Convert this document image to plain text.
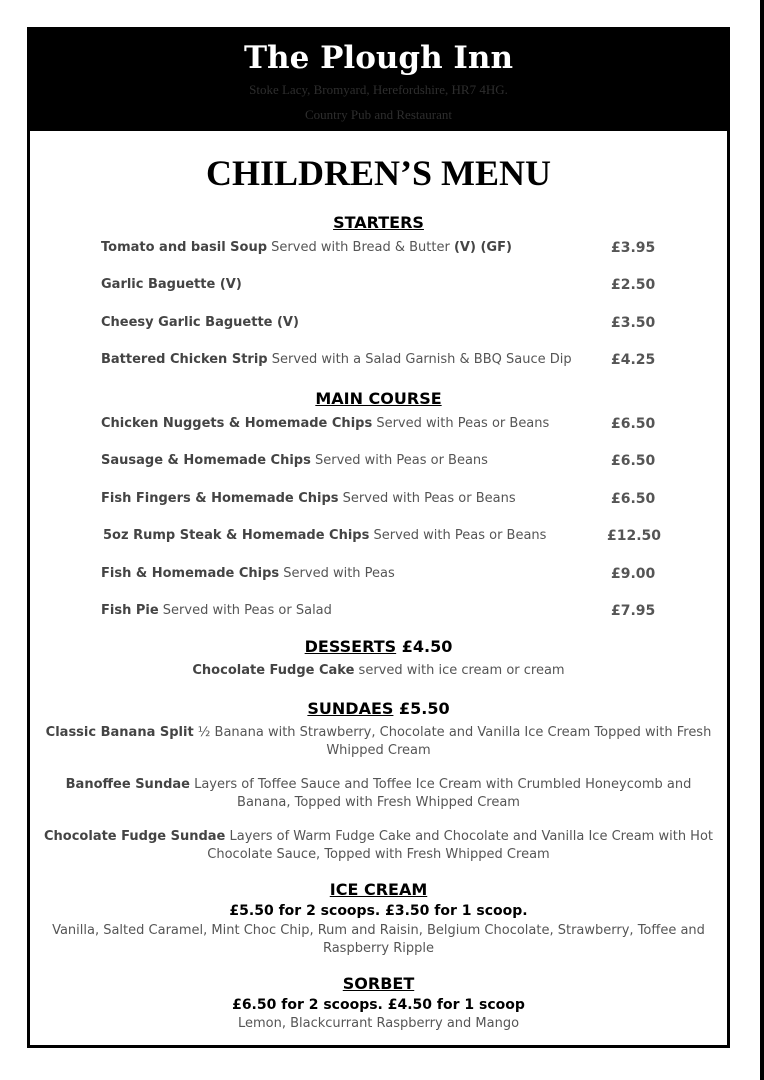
The Plough Inn
Stoke Lacy, Bromyard, Herefordshire, HR7 4HG.
Country Pub and Restaurant
CHILDREN’S MENU
STARTERS
Tomato and basil Soup Served with Bread & Butter (V) (GF)	£3.95
Garlic Baguette (V)	£2.50
Cheesy Garlic Baguette (V)	£3.50
Battered Chicken Strip Served with a Salad Garnish & BBQ Sauce Dip	£4.25
MAIN COURSE
Chicken Nuggets & Homemade Chips Served with Peas or Beans	£6.50
Sausage & Homemade Chips Served with Peas or Beans	£6.50
Fish Fingers & Homemade Chips Served with Peas or Beans	£6.50
5oz Rump Steak & Homemade Chips Served with Peas or Beans	£12.50
Fish & Homemade Chips Served with Peas	£9.00
Fish Pie Served with Peas or Salad	£7.95
DESSERTS £4.50
Chocolate Fudge Cake served with ice cream or cream
SUNDAES £5.50
Classic Banana Split ½ Banana with Strawberry, Chocolate and Vanilla Ice Cream Topped with Fresh Whipped Cream
Banoffee Sundae Layers of Toffee Sauce and Toffee Ice Cream with Crumbled Honeycomb and Banana, Topped with Fresh Whipped Cream
Chocolate Fudge Sundae Layers of Warm Fudge Cake and Chocolate and Vanilla Ice Cream with Hot Chocolate Sauce, Topped with Fresh Whipped Cream
ICE CREAM
£5.50 for 2 scoops. £3.50 for 1 scoop.
Vanilla, Salted Caramel, Mint Choc Chip, Rum and Raisin, Belgium Chocolate, Strawberry, Toffee and Raspberry Ripple
SORBET
£6.50 for 2 scoops. £4.50 for 1 scoop
Lemon, Blackcurrant Raspberry and Mango
